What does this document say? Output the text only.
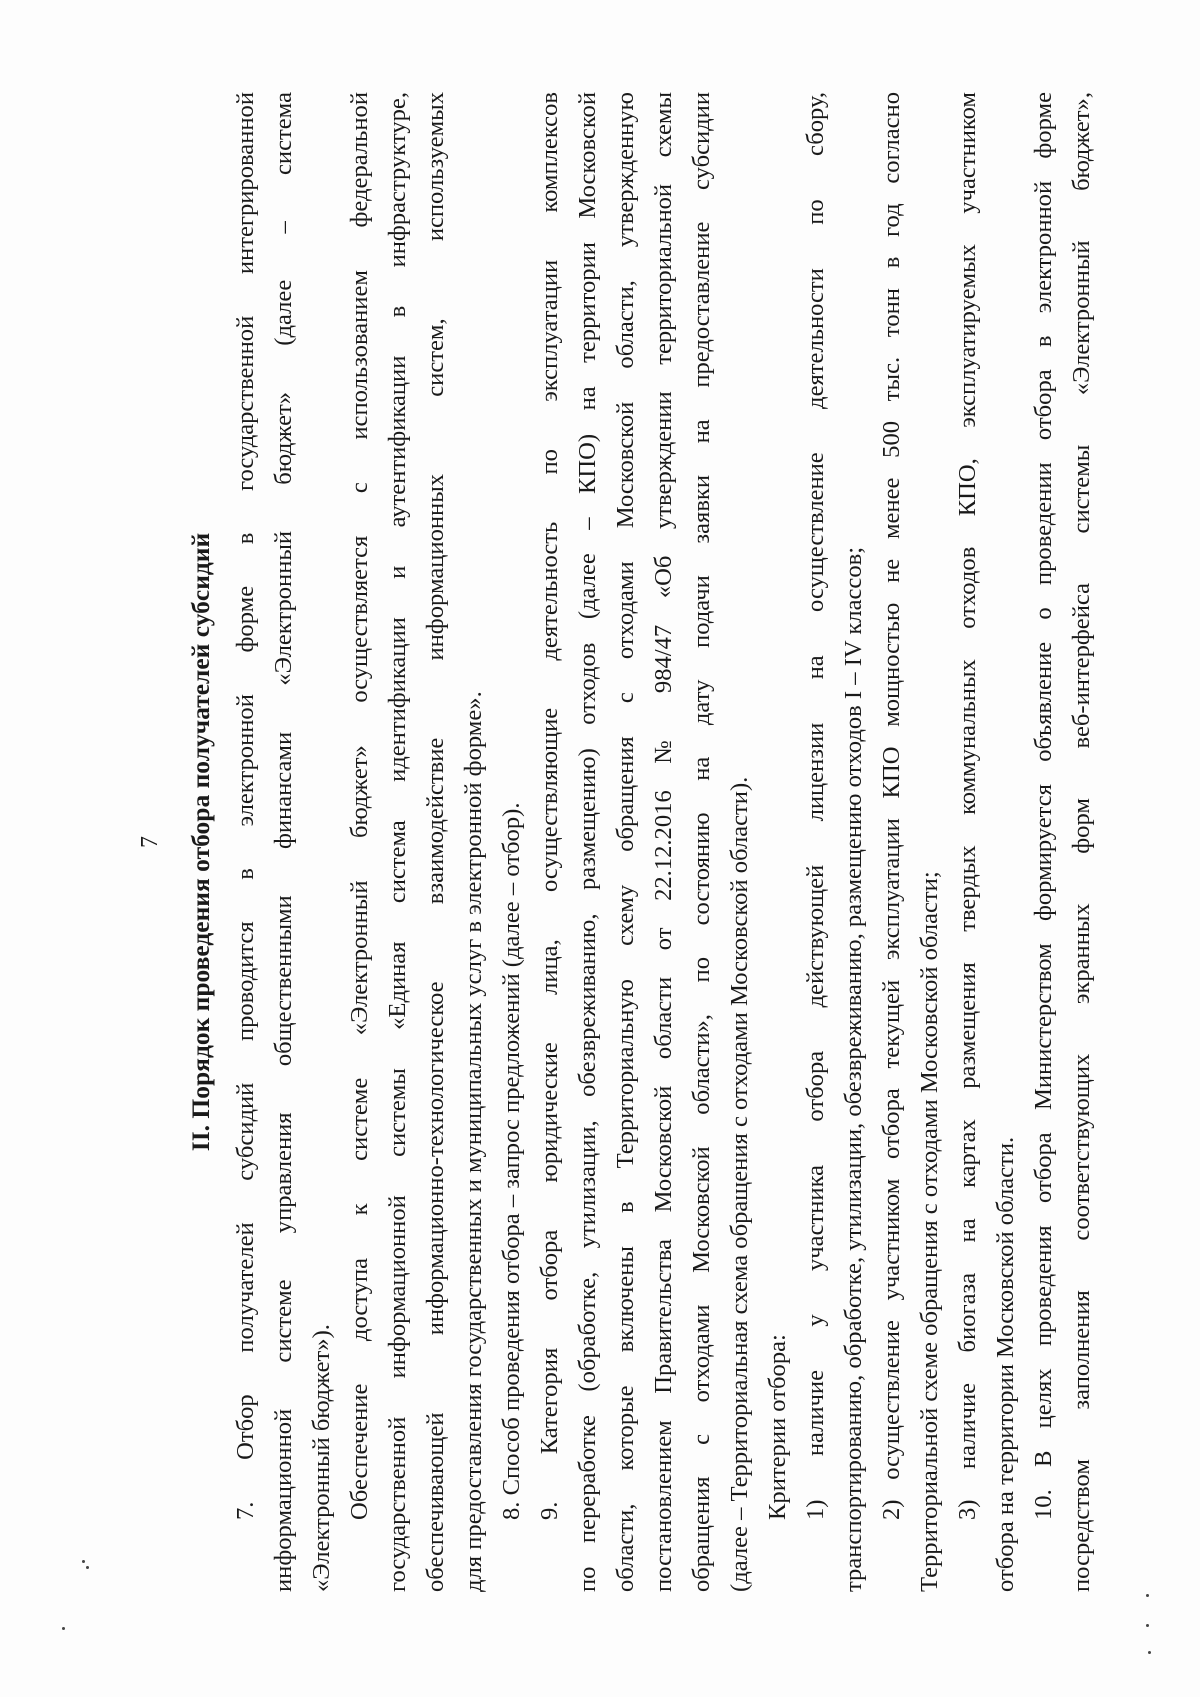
7 II. Порядок проведения отбора получателей субсидий 7. Отбор получателей субсидий проводится в электронной форме в государственной интегрированной информационной системе управления общественными финансами «Электронный бюджет» (далее – система «Электронный бюджет»). Обеспечение доступа к системе «Электронный бюджет» осуществляется с использованием федеральной государственной информационной системы «Единая система идентификации и аутентификации в инфраструктуре, обеспечивающей информационно-технологическое взаимодействие информационных систем, используемых для предоставления государственных и муниципальных услуг в электронной форме». 8. Способ проведения отбора – запрос предложений (далее – отбор). 9. Категория отбора юридические лица, осуществляющие деятельность по эксплуатации комплексов по переработке (обработке, утилизации, обезвреживанию, размещению) отходов (далее – КПО) на территории Московской области, которые включены в Территориальную схему обращения с отходами Московской области, утвержденную постановлением Правительства Московской области от 22.12.2016 № 984/47 «Об утверждении территориальной схемы обращения с отходами Московской области», по состоянию на дату подачи заявки на предоставление субсидии (далее – Территориальная схема обращения с отходами Московской области). Критерии отбора: 1) наличие у участника отбора действующей лицензии на осуществление деятельности по сбору, транспортированию, обработке, утилизации, обезвреживанию, размещению отходов I – IV классов; 2) осуществление участником отбора текущей эксплуатации КПО мощностью не менее 500 тыс. тонн в год согласно Территориальной схеме обращения с отходами Московской области; 3) наличие биогаза на картах размещения твердых коммунальных отходов КПО, эксплуатируемых участником отбора на территории Московской области. 10. В целях проведения отбора Министерством формируется объявление о проведении отбора в электронной форме посредством заполнения соответствующих экранных форм веб-интерфейса системы «Электронный бюджет»,
